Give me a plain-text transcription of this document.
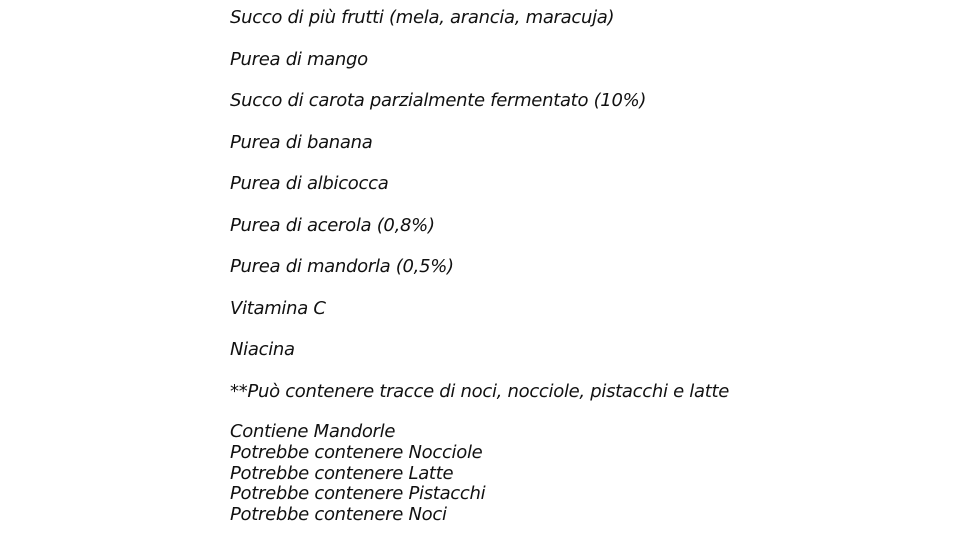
Succo di più frutti (mela, arancia, maracuja)
Purea di mango
Succo di carota parzialmente fermentato (10%)
Purea di banana
Purea di albicocca
Purea di acerola (0,8%)
Purea di mandorla (0,5%)
Vitamina C
Niacina
**Può contenere tracce di noci, nocciole, pistacchi e latte
Contiene Mandorle
Potrebbe contenere Nocciole
Potrebbe contenere Latte
Potrebbe contenere Pistacchi
Potrebbe contenere Noci
